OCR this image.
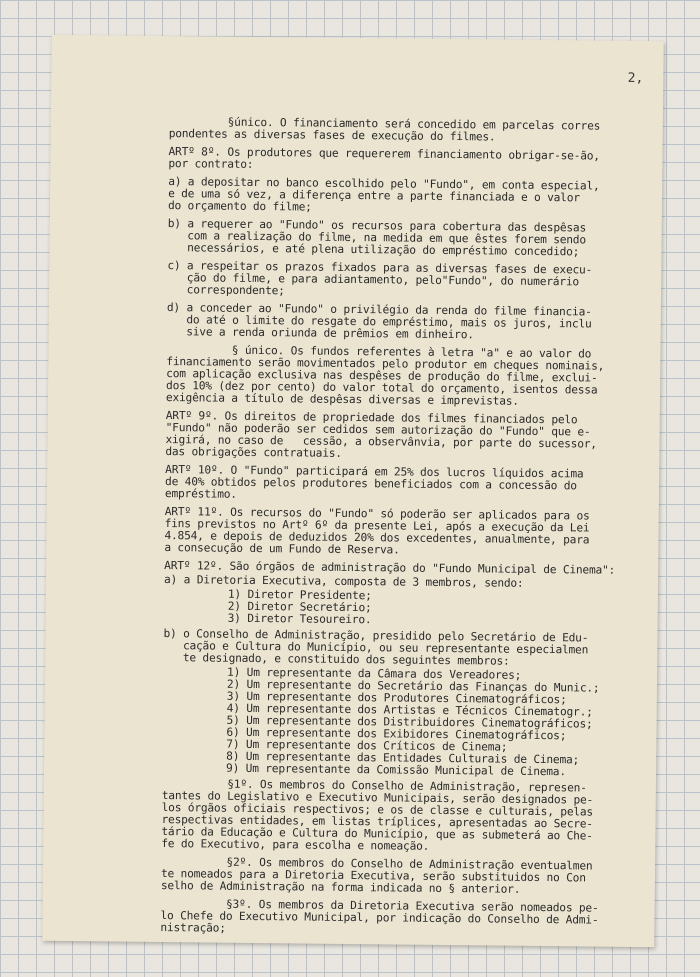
2,
§único. O financiamento será concedido em parcelas corres
pondentes as diversas fases de execução do filmes.
ARTº 8º. Os produtores que requererem financiamento obrigar-se-ão,
por contrato:
a) a depositar no banco escolhido pelo "Fundo", em conta especial,
e de uma só vez, a diferença entre a parte financiada e o valor
do orçamento do filme;
b) a requerer ao "Fundo" os recursos para cobertura das despêsas
com a realização do filme, na medida em que êstes forem sendo
necessários, e até plena utilização do empréstimo concedido;
c) a respeitar os prazos fixados para as diversas fases de execu-
ção do filme, e para adiantamento, pelo"Fundo", do numerário
correspondente;
d) a conceder ao "Fundo" o privilégio da renda do filme financia-
do até o limite do resgate do empréstimo, mais os juros, inclu
sive a renda oriunda de prêmios em dinheiro.
§ único. Os fundos referentes à letra "a" e ao valor do
financiamento serão movimentados pelo produtor em cheques nominais,
com aplicação exclusiva nas despêses de produção do filme, exclui-
dos 10% (dez por cento) do valor total do orçamento, isentos dessa
exigência a título de despêsas diversas e imprevistas.
ARTº 9º. Os direitos de propriedade dos filmes financiados pelo
"Fundo" não poderão ser cedidos sem autorização do "Fundo" que e-
xigirá, no caso de   cessão, a observânvia, por parte do sucessor,
das obrigações contratuais.
ARTº 10º. O "Fundo" participará em 25% dos lucros líquidos acima
de 40% obtidos pelos produtores beneficiados com a concessão do
empréstimo.
ARTº 11º. Os recursos do "Fundo" só poderão ser aplicados para os
fins previstos no Artº 6º da presente Lei, após a execução da Lei
4.854, e depois de deduzidos 20% dos excedentes, anualmente, para
a consecução de um Fundo de Reserva.
ARTº 12º. São órgãos de administração do "Fundo Municipal de Cinema":
a) a Diretoria Executiva, composta de 3 membros, sendo:
1) Diretor Presidente;
2) Diretor Secretário;
3) Diretor Tesoureiro.
b) o Conselho de Administração, presidido pelo Secretário de Edu-
cação e Cultura do Município, ou seu representante especialmen
te designado, e constituido dos seguintes membros:
1) Um representante da Câmara dos Vereadores;
2) Um representante do Secretário das Finanças do Munic.;
3) Um representante dos Produtores Cinematográficos;
4) Um representante dos Artistas e Técnicos Cinematogr.;
5) Um representante dos Distribuidores Cinematográficos;
6) Um representante dos Exibidores Cinematográficos;
7) Um representante dos Críticos de Cinema;
8) Um representante das Entidades Culturais de Cinema;
9) Um representante da Comissão Municipal de Cinema.
§1º. Os membros do Conselho de Administração, represen-
tantes do Legislativo e Executivo Municipais, serão designados pe-
los órgãos oficiais respectivos; e os de classe e culturais, pelas
respectivas entidades, em listas tríplices, apresentadas ao Secre-
tário da Educação e Cultura do Município, que as submeterá ao Che-
fe do Executivo, para escolha e nomeação.
§2º. Os membros do Conselho de Administração eventualmen
te nomeados para a Diretoria Executiva, serão substituidos no Con
selho de Administração na forma indicada no § anterior.
§3º. Os membros da Diretoria Executiva serão nomeados pe-
lo Chefe do Executivo Municipal, por indicação do Conselho de Admi-
nistração;
